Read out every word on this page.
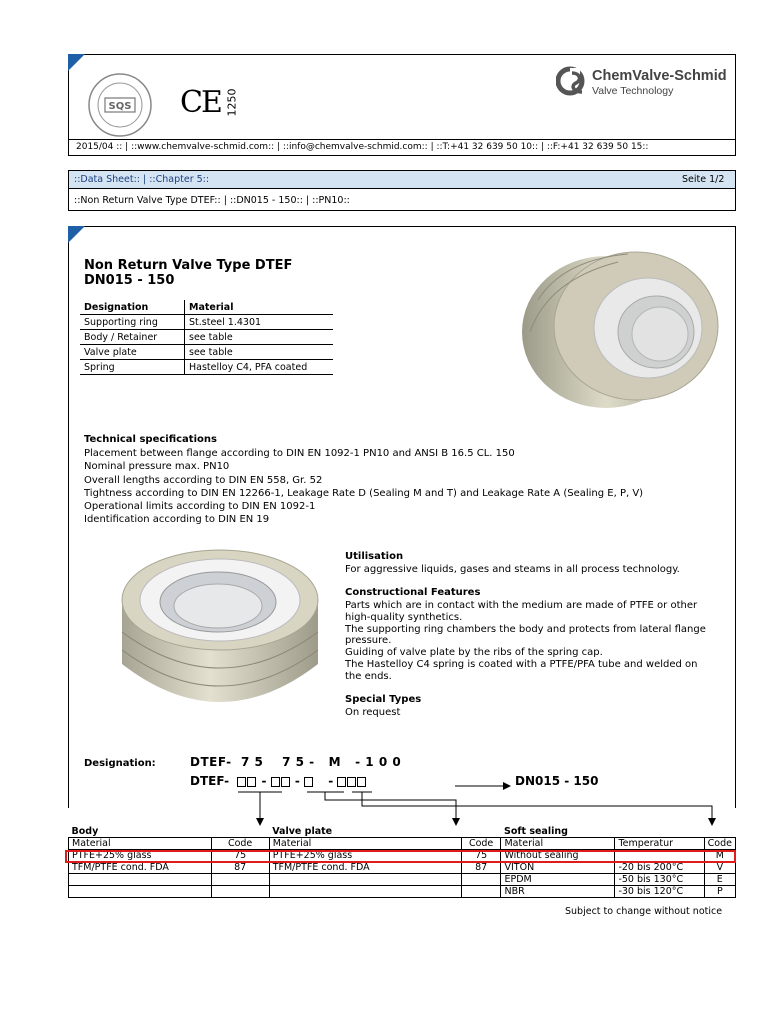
SQS CE 1250
ChemValve-Schmid
Valve Technology
2015/04 :: | ::www.chemvalve-schmid.com:: | ::info@chemvalve-schmid.com:: | ::T:+41 32 639 50 10:: | ::F:+41 32 639 50 15::
::Data Sheet:: | ::Chapter 5::	Seite 1/2
::Non Return Valve Type DTEF:: | ::DN015 - 150:: | ::PN10::
Non Return Valve Type DTEF
DN015 - 150
Designation	Material
Supporting ring	St.steel 1.4301
Body / Retainer	see table
Valve plate	see table
Spring	Hastelloy C4, PFA coated
Technical specifications
Placement between flange according to DIN EN 1092-1 PN10 and ANSI B 16.5 CL. 150
Nominal pressure max. PN10
Overall lengths according to DIN EN 558, Gr. 52
Tightness according to DIN EN 12266-1, Leakage Rate D (Sealing M and T) and Leakage Rate A (Sealing E, P, V)
Operational limits according to DIN EN 1092-1
Identification according to DIN EN 19
Utilisation
For aggressive liquids, gases and steams in all process technology.
Constructional Features
Parts which are in contact with the medium are made of PTFE or other
high-quality synthetics.
The supporting ring chambers the body and protects from lateral flange
pressure.
Guiding of valve plate by the ribs of the spring cap.
The Hastelloy C4 spring is coated with a PTFE/PFA tube and welded on
the ends.
Special Types
On request
Designation:	DTEF-  7 5    7 5 -   M   - 1 0 0
DTEF-	-  -  -	DN015 - 150
Body		Valve plate		Soft sealing		
Material	Code	Material	Code	Material	Temperatur	Code
PTFE+25% glass	75	PTFE+25% glass	75	Without sealing		M
TFM/PTFE cond. FDA	87	TFM/PTFE cond. FDA	87	VITON	-20 bis 200°C	V
				EPDM	-50 bis 130°C	E
				NBR	-30 bis 120°C	P
Subject to change without notice
